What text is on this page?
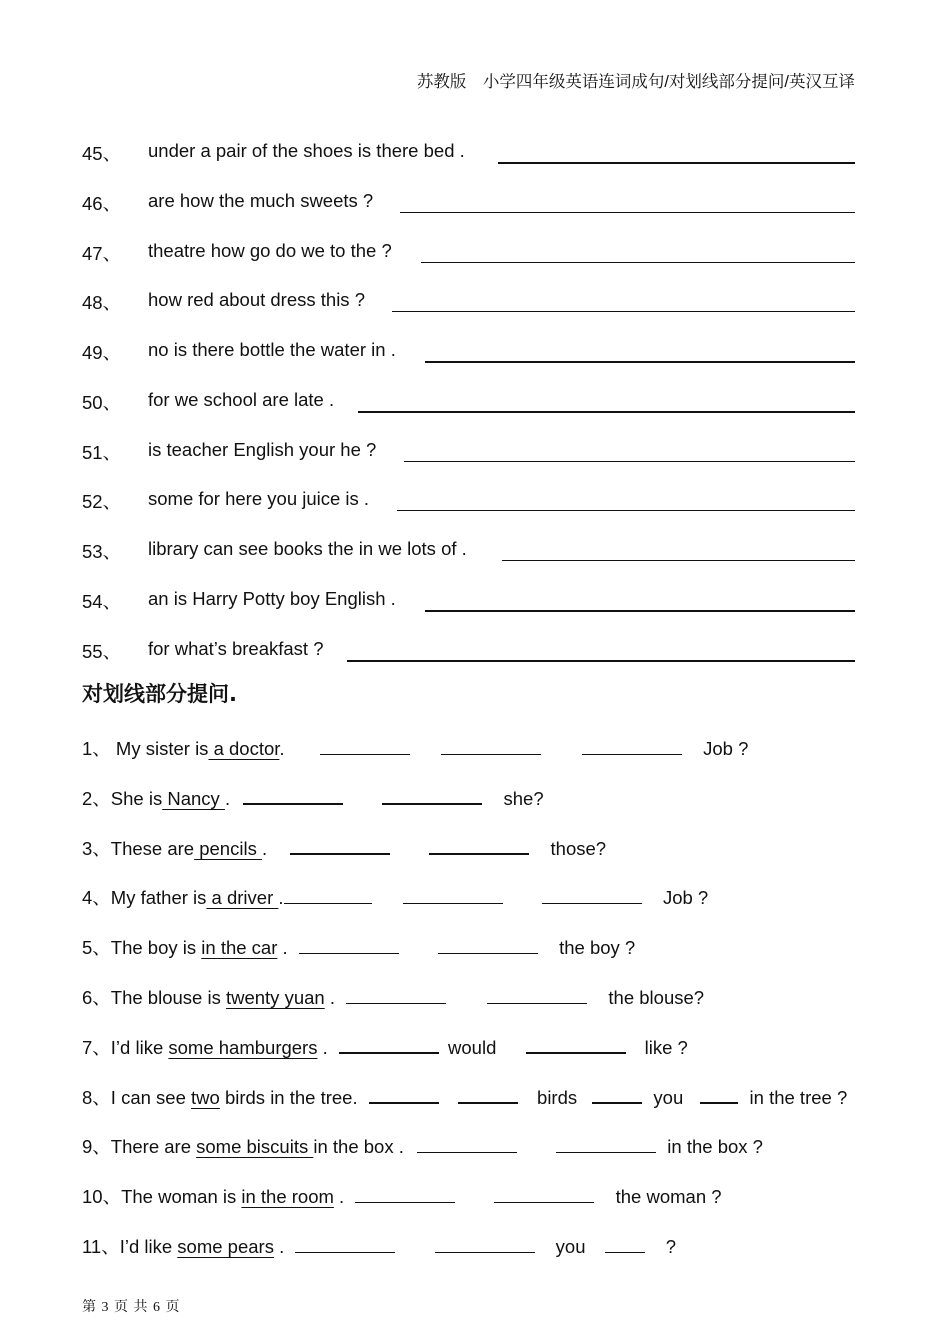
苏教版　小学四年级英语连词成句/对划线部分提问/英汉互译
45、 under a pair of the shoes is there bed .
46、 are how the much sweets ?
47、 theatre how go do we to the ?
48、 how red about dress this ?
49、 no is there bottle the water in .
50、 for we school are late .
51、 is teacher English your he ?
52、 some for here you juice is .
53、 library can see books the in we lots of .
54、 an is Harry Potty boy English .
55、 for what’s breakfast ?
对划线部分提问.
1、 My sister is a doctor.	Job ?
2、She is Nancy .	she?
3、These are pencils .	those?
4、My father is a driver .	Job ?
5、The boy is in the car .	the boy ?
6、The blouse is twenty yuan .	the blouse?
7、I’d like some hamburgers .	would	like ?
8、I can see two birds in the tree.	birds	you	in the tree ?
9、There are some biscuits in the box .	in the box ?
10、The woman is in the room .	the woman ?
11、I’d like some pears .	you	?
第 3 页 共 6 页
